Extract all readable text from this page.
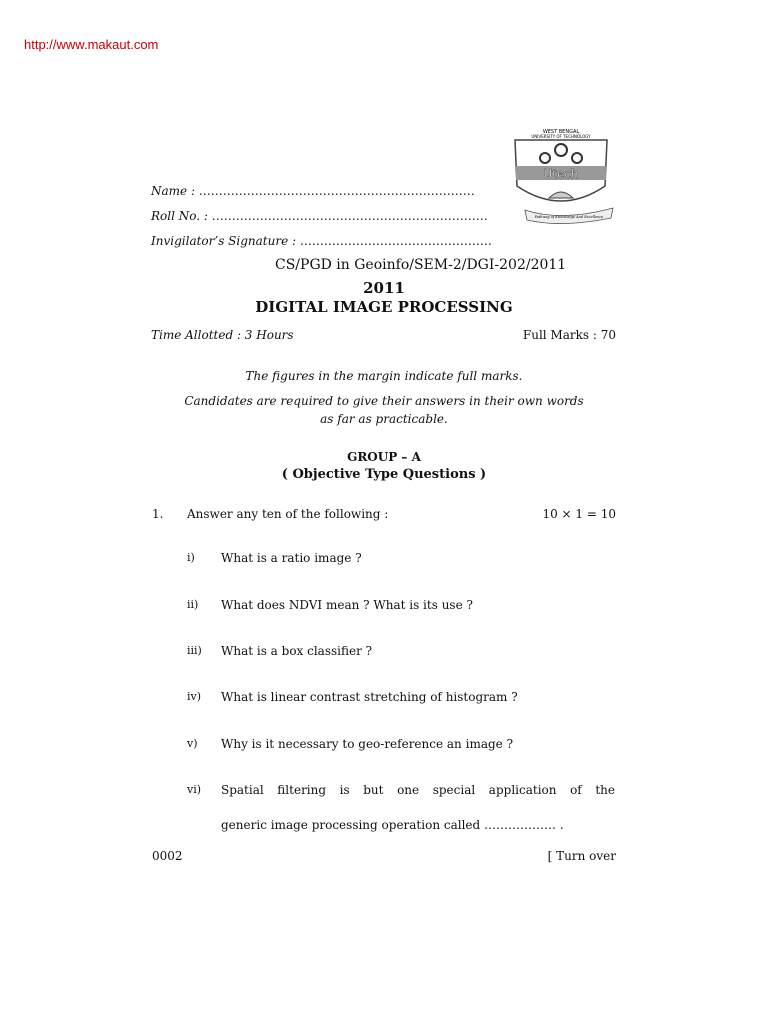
http://www.makaut.com
WEST BENGAL
UNIVERSITY OF TECHNOLOGY
Utech
Pathway of Knowledge And Excellence
Name : ……………………………………………………………
Roll No. : ……………………………………………………………
Invigilator’s Signature : …………………………………………
CS/PGD in Geoinfo/SEM-2/DGI-202/2011
2011
DIGITAL IMAGE PROCESSING
Time Allotted : 3 Hours	Full Marks : 70
The figures in the margin indicate full marks.
Candidates are required to give their answers in their own words
as far as practicable.
GROUP – A
( Objective Type Questions )
1. Answer any ten of the following :	10 × 1 = 10
i) What is a ratio image ?
ii) What does NDVI mean ? What is its use ?
iii) What is a box classifier ?
iv) What is linear contrast stretching of histogram ?
v) Why is it necessary to geo-reference an image ?
vi) Spatial filtering is but one special application of the
generic image processing operation called ……………… .
0002	[ Turn over
